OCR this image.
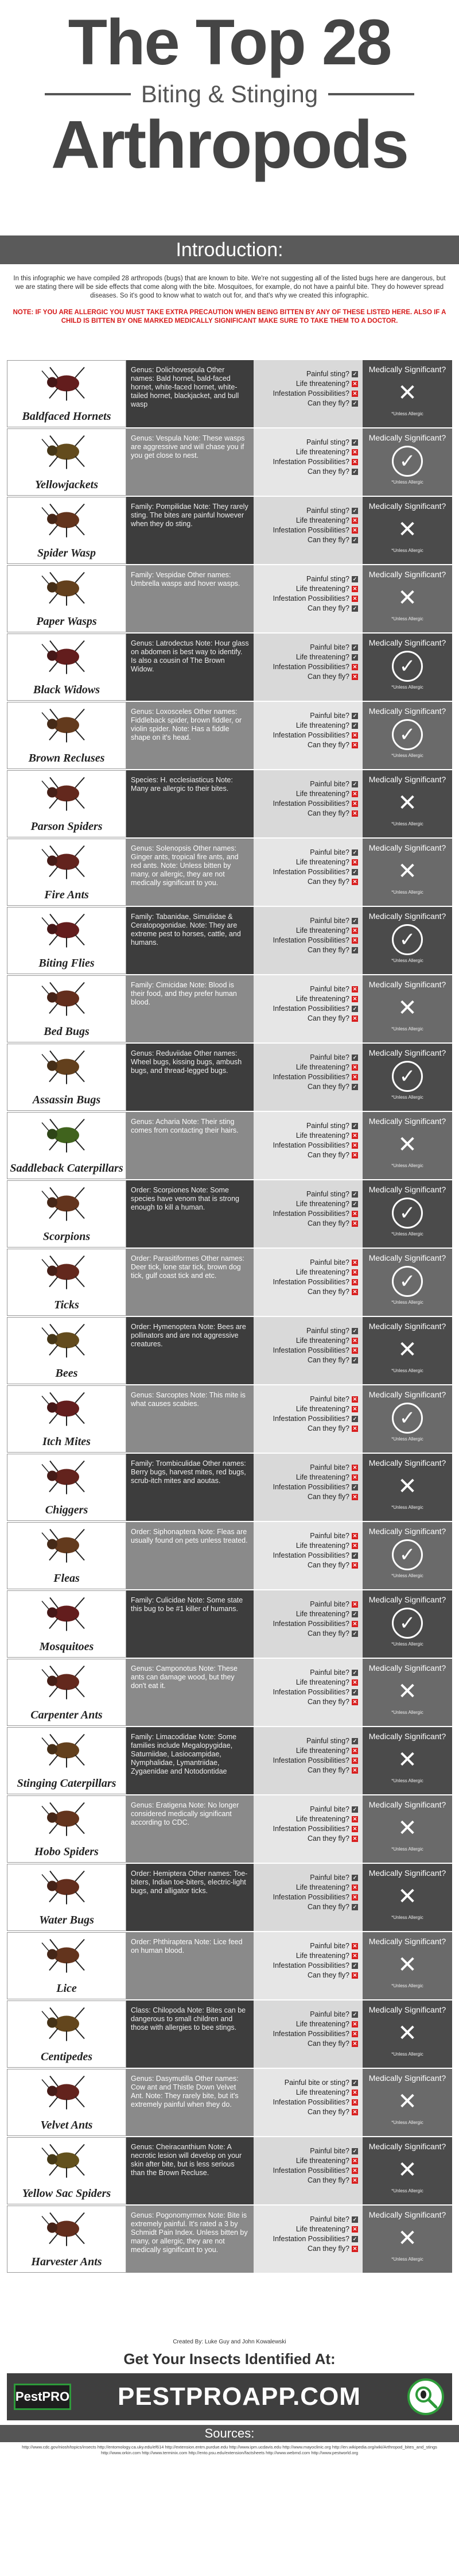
The Top 28
Biting & Stinging
Arthropods
Introduction:

In this infographic we have compiled 28 arthropods (bugs) that are known to bite. We're not suggesting all of the listed bugs here are dangerous, but we are stating there will be side effects that come along with the bite. Mosquitoes, for example, do not have a painful bite. They do however spread diseases. So it's good to know what to watch out for, and that's why we created this infographic.

NOTE: IF YOU ARE ALLERGIC YOU MUST TAKE EXTRA PRECAUTION WHEN BEING BITTEN BY ANY OF THESE LISTED HERE. ALSO IF A CHILD IS BITTEN BY ONE MARKED MEDICALLY SIGNIFICANT MAKE SURE TO TAKE THEM TO A DOCTOR.

Baldfaced Hornets
Genus: Dolichovespula Other names: Bald hornet, bald-faced hornet, white-faced hornet, white-tailed hornet, blackjacket, and bull wasp
Painful sting? ✓
Life threatening? ✕
Infestation Possibilities? ✕
Can they fly? ✓
Medically Significant?
✕
*Unless Allergic
Yellowjackets
Genus: Vespula Note: These wasps are aggressive and will chase you if you get close to nest.
Painful sting? ✓
Life threatening? ✕
Infestation Possibilities? ✕
Can they fly? ✓
Medically Significant?
✓
*Unless Allergic
Spider Wasp
Family: Pompilidae Note: They rarely sting. The bites are painful however when they do sting.
Painful sting? ✓
Life threatening? ✕
Infestation Possibilities? ✕
Can they fly? ✓
Medically Significant?
✕
*Unless Allergic
Paper Wasps
Family: Vespidae Other names: Umbrella wasps and hover wasps.
Painful sting? ✓
Life threatening? ✕
Infestation Possibilities? ✕
Can they fly? ✓
Medically Significant?
✕
*Unless Allergic
Black Widows
Genus: Latrodectus Note: Hour glass on abdomen is best way to identify. Is also a cousin of The Brown Widow.
Painful bite? ✓
Life threatening? ✓
Infestation Possibilities? ✕
Can they fly? ✕
Medically Significant?
✓
*Unless Allergic
Brown Recluses
Genus: Loxosceles Other names: Fiddleback spider, brown fiddler, or violin spider. Note: Has a fiddle shape on it's head.
Painful bite? ✓
Life threatening? ✓
Infestation Possibilities? ✕
Can they fly? ✕
Medically Significant?
✓
*Unless Allergic
Parson Spiders
Species: H. ecclesiasticus Note: Many are allergic to their bites.
Painful bite? ✓
Life threatening? ✕
Infestation Possibilities? ✕
Can they fly? ✕
Medically Significant?
✕
*Unless Allergic
Fire Ants
Genus: Solenopsis Other names: Ginger ants, tropical fire ants, and red ants. Note: Unless bitten by many, or allergic, they are not medically significant to you.
Painful bite? ✓
Life threatening? ✕
Infestation Possibilities? ✓
Can they fly? ✕
Medically Significant?
✕
*Unless Allergic
Biting Flies
Family: Tabanidae, Simuliidae & Ceratopogonidae. Note: They are extreme pest to horses, cattle, and humans.
Painful bite? ✓
Life threatening? ✕
Infestation Possibilities? ✕
Can they fly? ✓
Medically Significant?
✓
*Unless Allergic
Bed Bugs
Family: Cimicidae Note: Blood is their food, and they prefer human blood.
Painful bite? ✕
Life threatening? ✕
Infestation Possibilities? ✓
Can they fly? ✕
Medically Significant?
✕
*Unless Allergic
Assassin Bugs
Genus: Reduviidae Other names: Wheel bugs, kissing bugs, ambush bugs, and thread-legged bugs.
Painful bite? ✓
Life threatening? ✕
Infestation Possibilities? ✕
Can they fly? ✓
Medically Significant?
✓
*Unless Allergic
Saddleback Caterpillars
Genus: Acharia Note: Their sting comes from contacting their hairs.
Painful sting? ✓
Life threatening? ✕
Infestation Possibilities? ✕
Can they fly? ✕
Medically Significant?
✕
*Unless Allergic
Scorpions
Order: Scorpiones Note: Some species have venom that is strong enough to kill a human.
Painful sting? ✓
Life threatening? ✓
Infestation Possibilities? ✕
Can they fly? ✕
Medically Significant?
✓
*Unless Allergic
Ticks
Order: Parasitiformes Other names: Deer tick, lone star tick, brown dog tick, gulf coast tick and etc.
Painful bite? ✕
Life threatening? ✕
Infestation Possibilities? ✕
Can they fly? ✕
Medically Significant?
✓
*Unless Allergic
Bees
Order: Hymenoptera Note: Bees are pollinators and are not aggressive creatures.
Painful sting? ✓
Life threatening? ✕
Infestation Possibilities? ✕
Can they fly? ✓
Medically Significant?
✕
*Unless Allergic
Itch Mites
Genus: Sarcoptes Note: This mite is what causes scabies.
Painful bite? ✕
Life threatening? ✕
Infestation Possibilities? ✓
Can they fly? ✕
Medically Significant?
✓
*Unless Allergic
Chiggers
Family: Trombiculidae Other names: Berry bugs, harvest mites, red bugs, scrub-itch mites and aoutas.
Painful bite? ✕
Life threatening? ✕
Infestation Possibilities? ✓
Can they fly? ✕
Medically Significant?
✕
*Unless Allergic
Fleas
Order: Siphonaptera Note: Fleas are usually found on pets unless treated.
Painful bite? ✕
Life threatening? ✕
Infestation Possibilities? ✓
Can they fly? ✕
Medically Significant?
✓
*Unless Allergic
Mosquitoes
Family: Culicidae Note: Some state this bug to be #1 killer of humans.
Painful bite? ✕
Life threatening? ✓
Infestation Possibilities? ✕
Can they fly? ✓
Medically Significant?
✓
*Unless Allergic
Carpenter Ants
Genus: Camponotus Note: These ants can damage wood, but they don't eat it.
Painful bite? ✓
Life threatening? ✕
Infestation Possibilities? ✓
Can they fly? ✕
Medically Significant?
✕
*Unless Allergic
Stinging Caterpillars
Family: Limacodidae Note: Some families include Megalopygidae, Saturniidae, Lasiocampidae, Nymphalidae, Lymantriidae, Zygaenidae and Notodontidae
Painful sting? ✓
Life threatening? ✕
Infestation Possibilities? ✕
Can they fly? ✕
Medically Significant?
✕
*Unless Allergic
Hobo Spiders
Genus: Eratigena Note: No longer considered medically significant according to CDC.
Painful bite? ✓
Life threatening? ✕
Infestation Possibilities? ✕
Can they fly? ✕
Medically Significant?
✕
*Unless Allergic
Water Bugs
Order: Hemiptera Other names: Toe-biters, Indian toe-biters, electric-light bugs, and alligator ticks.
Painful bite? ✓
Life threatening? ✕
Infestation Possibilities? ✕
Can they fly? ✓
Medically Significant?
✕
*Unless Allergic
Lice
Order: Phthiraptera Note: Lice feed on human blood.
Painful bite? ✕
Life threatening? ✕
Infestation Possibilities? ✓
Can they fly? ✕
Medically Significant?
✕
*Unless Allergic
Centipedes
Class: Chilopoda Note: Bites can be dangerous to small children and those with allergies to bee stings.
Painful bite? ✓
Life threatening? ✕
Infestation Possibilities? ✕
Can they fly? ✕
Medically Significant?
✕
*Unless Allergic
Velvet Ants
Genus: Dasymutilla Other names: Cow ant and Thistle Down Velvet Ant. Note: They rarely bite, but it's extremely painful when they do.
Painful bite or sting? ✓
Life threatening? ✕
Infestation Possibilities? ✕
Can they fly? ✕
Medically Significant?
✕
*Unless Allergic
Yellow Sac Spiders
Genus: Cheiracanthium Note: A necrotic lesion will develop on your skin after bite, but is less serious than the Brown Recluse.
Painful bite? ✓
Life threatening? ✕
Infestation Possibilities? ✕
Can they fly? ✕
Medically Significant?
✕
*Unless Allergic
Harvester Ants
Genus: Pogonomyrmex Note: Bite is extremely painful. It's rated a 3 by Schmidt Pain Index. Unless bitten by many, or allergic, they are not medically significant to you.
Painful bite? ✓
Life threatening? ✕
Infestation Possibilities? ✓
Can they fly? ✕
Medically Significant?
✕
*Unless Allergic
Created By: Luke Guy and John Kowalewski
Get Your Insects Identified At:
PestPRO	PESTPROAPP.COM
Sources:
http://www.cdc.gov/niosh/topics/insects http://entomology.ca.uky.edu/ef614 http://extension.entm.purdue.edu http://www.ipm.ucdavis.edu http://www.mayoclinic.org http://en.wikipedia.org/wiki/Arthropod_bites_and_stings http://www.orkin.com http://www.terminix.com http://ento.psu.edu/extension/factsheets http://www.webmd.com http://www.pestworld.org
